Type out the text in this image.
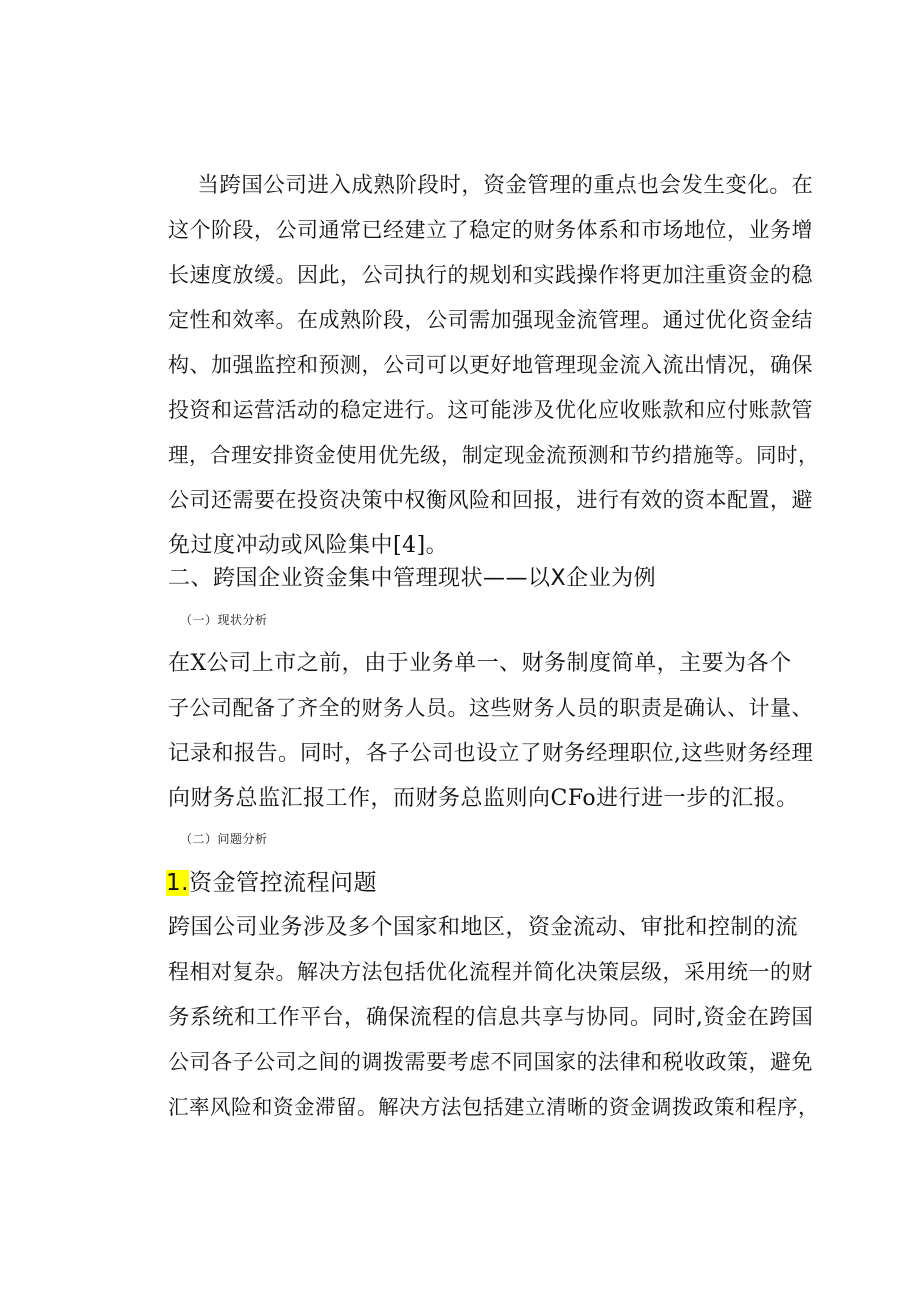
当跨国公司进入成熟阶段时，资金管理的重点也会发生变化。在
这个阶段，公司通常已经建立了稳定的财务体系和市场地位，业务增
长速度放缓。因此，公司执行的规划和实践操作将更加注重资金的稳
定性和效率。在成熟阶段，公司需加强现金流管理。通过优化资金结
构、加强监控和预测，公司可以更好地管理现金流入流出情况，确保
投资和运营活动的稳定进行。这可能涉及优化应收账款和应付账款管
理，合理安排资金使用优先级，制定现金流预测和节约措施等。同时，
公司还需要在投资决策中权衡风险和回报，进行有效的资本配置，避
免过度冲动或风险集中[4]。
二、跨国企业资金集中管理现状——以X企业为例
（一）现状分析
在X公司上市之前，由于业务单一、财务制度简单，主要为各个
子公司配备了齐全的财务人员。这些财务人员的职责是确认、计量、
记录和报告。同时，各子公司也设立了财务经理职位,这些财务经理
向财务总监汇报工作，而财务总监则向CFo进行进一步的汇报。
（二）问题分析
1.资金管控流程问题
跨国公司业务涉及多个国家和地区，资金流动、审批和控制的流
程相对复杂。解决方法包括优化流程并简化决策层级，采用统一的财
务系统和工作平台，确保流程的信息共享与协同。同时,资金在跨国
公司各子公司之间的调拨需要考虑不同国家的法律和税收政策，避免
汇率风险和资金滞留。解决方法包括建立清晰的资金调拨政策和程序，
